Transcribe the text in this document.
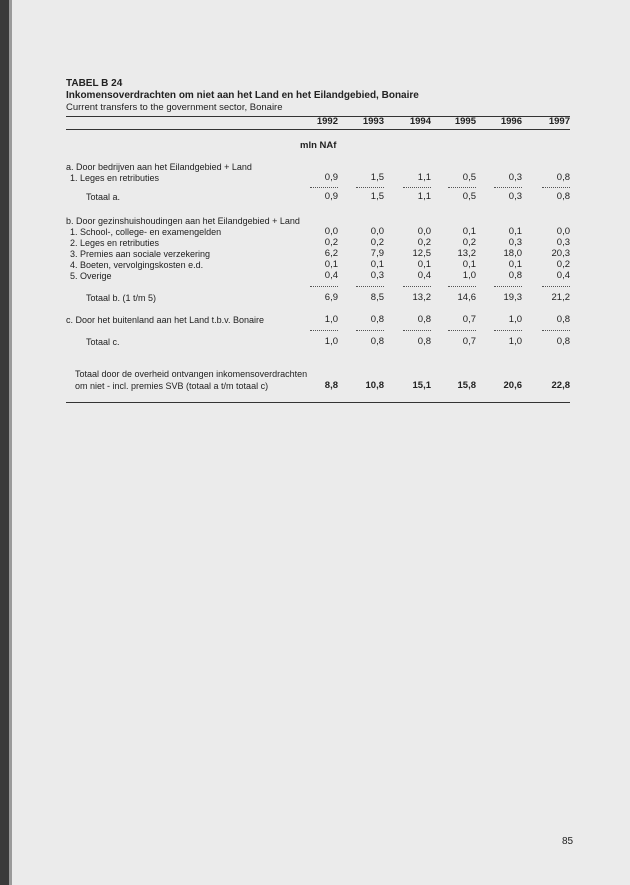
TABEL B 24
Inkomensoverdrachten om niet aan het Land en het Eilandgebied, Bonaire
Current transfers to the government sector, Bonaire
1992	1993	1994	1995	1996	1997
mln NAf
a. Door bedrijven aan het Eilandgebied + Land
1. Leges en retributies	0,9	1,5	1,1	0,5	0,3	0,8
Totaal a.	0,9	1,5	1,1	0,5	0,3	0,8
b. Door gezinshuishoudingen aan het Eilandgebied + Land
1. School-, college- en examengelden	0,0	0,0	0,0	0,1	0,1	0,0
2. Leges en retributies	0,2	0,2	0,2	0,2	0,3	0,3
3. Premies aan sociale verzekering	6,2	7,9	12,5	13,2	18,0	20,3
4. Boeten, vervolgingskosten e.d.	0,1	0,1	0,1	0,1	0,1	0,2
5. Overige	0,4	0,3	0,4	1,0	0,8	0,4
Totaal b. (1 t/m 5)	6,9	8,5	13,2	14,6	19,3	21,2
c. Door het buitenland aan het Land t.b.v. Bonaire	1,0	0,8	0,8	0,7	1,0	0,8
Totaal c.	1,0	0,8	0,8	0,7	1,0	0,8
Totaal door de overheid ontvangen inkomensoverdrachten
om niet - incl. premies SVB (totaal a t/m totaal c)	8,8	10,8	15,1	15,8	20,6	22,8
85
